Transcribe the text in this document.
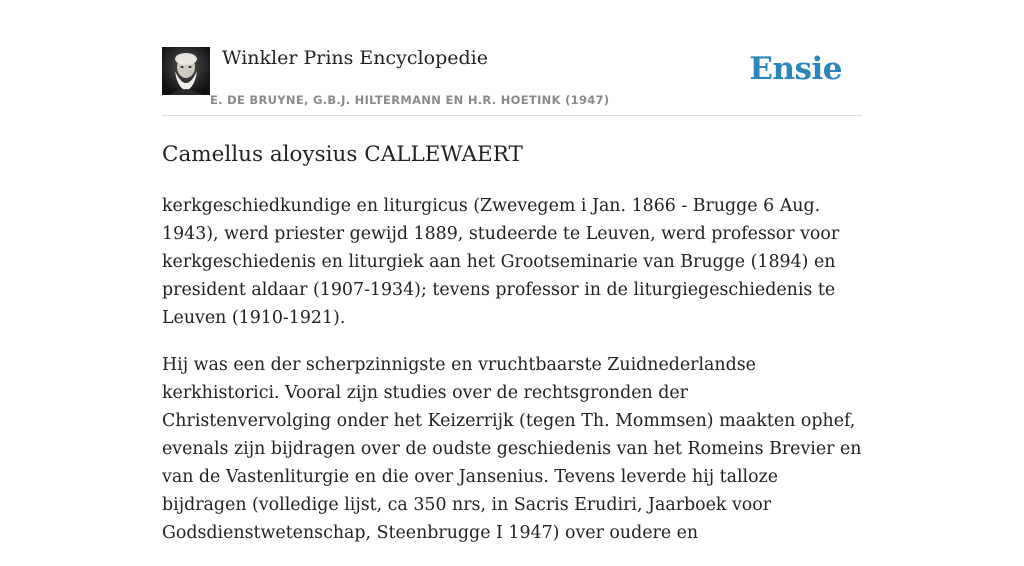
Winkler Prins Encyclopedie
E. DE BRUYNE, G.B.J. HILTERMANN EN H.R. HOETINK (1947)
Ensie
Camellus aloysius CALLEWAERT

kerkgeschiedkundige en liturgicus (Zwevegem i Jan. 1866 - Brugge 6 Aug. 1943), werd priester gewijd 1889, studeerde te Leuven, werd professor voor kerkgeschiedenis en liturgiek aan het Grootseminarie van Brugge (1894) en president aldaar (1907-1934); tevens professor in de liturgiegeschiedenis te Leuven (1910-1921).

Hij was een der scherpzinnigste en vruchtbaarste Zuidnederlandse kerkhistorici. Vooral zijn studies over de rechtsgronden der Christenvervolging onder het Keizerrijk (tegen Th. Mommsen) maakten ophef, evenals zijn bijdragen over de oudste geschiedenis van het Romeins Brevier en van de Vastenliturgie en die over Jansenius. Tevens leverde hij talloze bijdragen (volledige lijst, ca 350 nrs, in Sacris Erudiri, Jaarboek voor Godsdienstwetenschap, Steenbrugge I 1947) over oudere en
